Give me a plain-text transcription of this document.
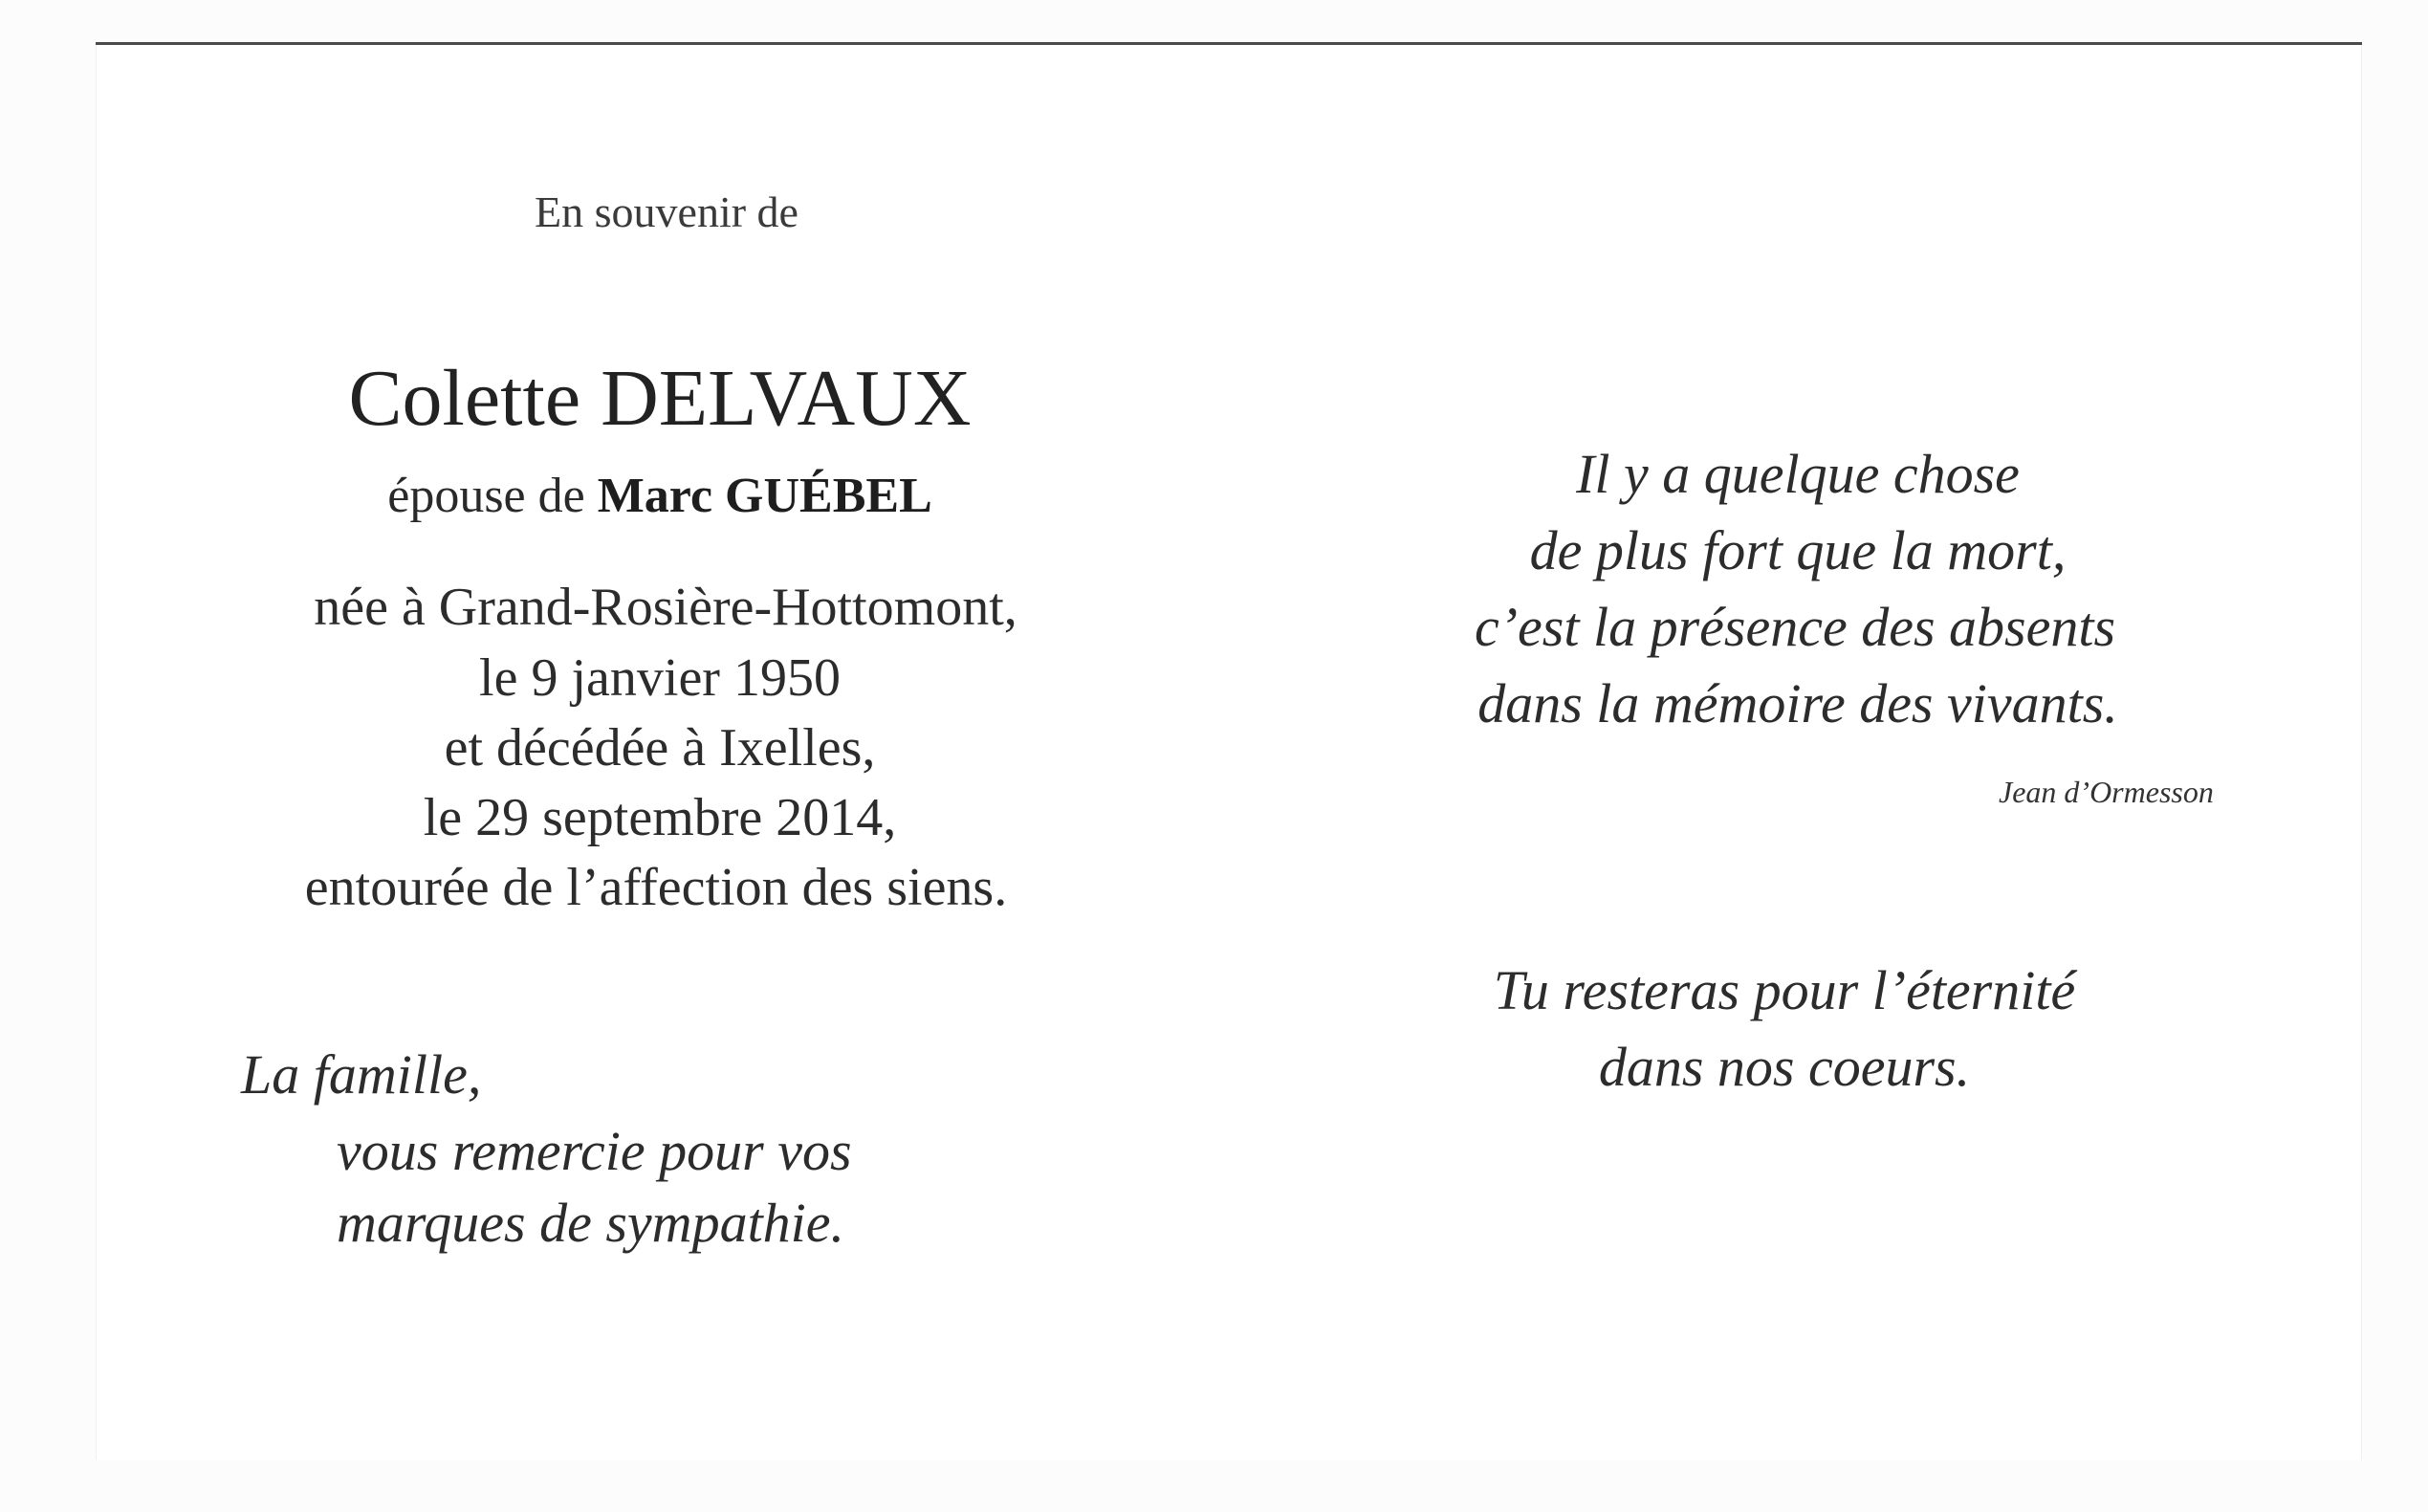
En souvenir de
Colette DELVAUX
épouse de Marc GUÉBEL
née à Grand-Rosière-Hottomont,
le 9 janvier 1950
et décédée à Ixelles,
le 29 septembre 2014,
entourée de l’affection des siens.
La famille,
vous remercie pour vos
marques de sympathie.
Il y a quelque chose
de plus fort que la mort,
c’est la présence des absents
dans la mémoire des vivants.
Jean d’Ormesson
Tu resteras pour l’éternité
dans nos coeurs.
